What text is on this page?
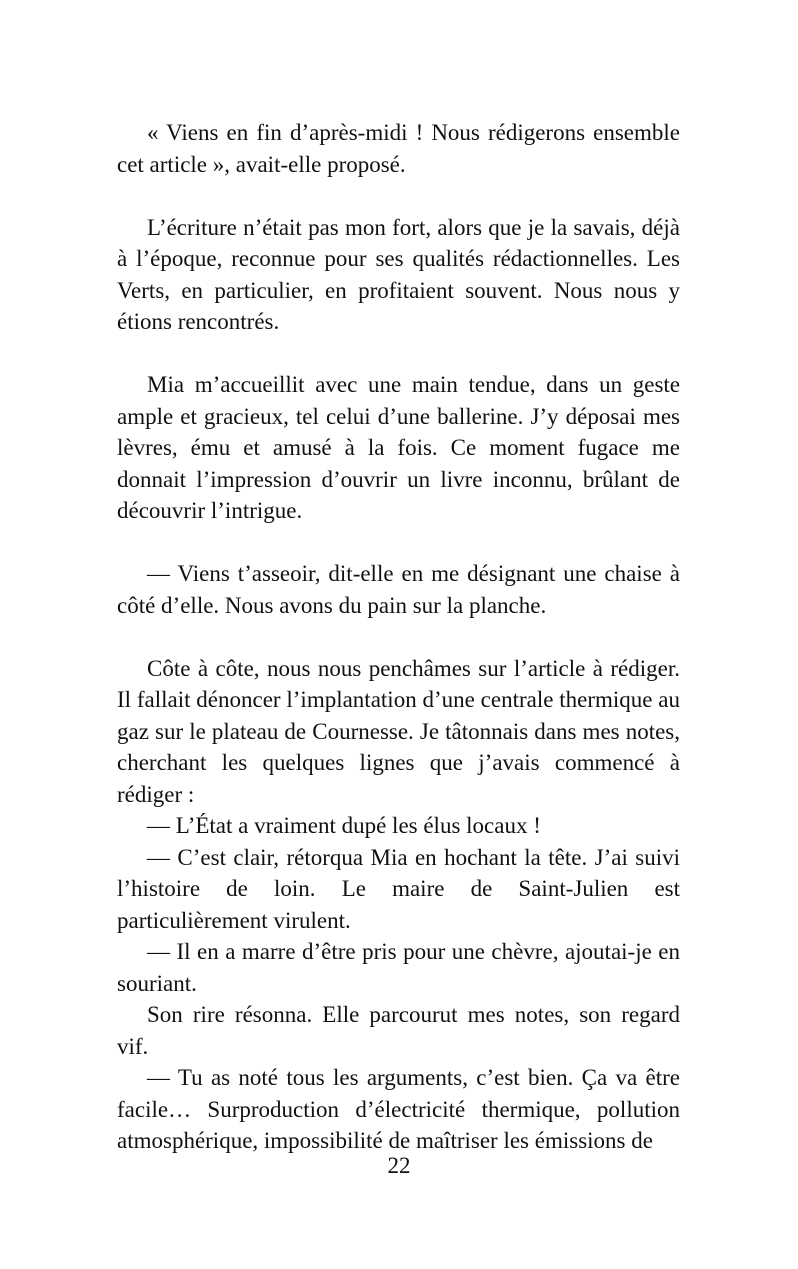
« Viens en fin d’après-midi ! Nous rédigerons ensemble cet article », avait-elle proposé.

L’écriture n’était pas mon fort, alors que je la savais, déjà à l’époque, reconnue pour ses qualités rédactionnelles. Les Verts, en particulier, en profitaient souvent. Nous nous y étions rencontrés.

Mia m’accueillit avec une main tendue, dans un geste ample et gracieux, tel celui d’une ballerine. J’y déposai mes lèvres, ému et amusé à la fois. Ce moment fugace me donnait l’impression d’ouvrir un livre inconnu, brûlant de découvrir l’intrigue.

— Viens t’asseoir, dit-elle en me désignant une chaise à côté d’elle. Nous avons du pain sur la planche.

Côte à côte, nous nous penchâmes sur l’article à rédiger. Il fallait dénoncer l’implantation d’une centrale thermique au gaz sur le plateau de Cournesse. Je tâtonnais dans mes notes, cherchant les quelques lignes que j’avais commencé à rédiger :

— L’État a vraiment dupé les élus locaux !

— C’est clair, rétorqua Mia en hochant la tête. J’ai suivi l’histoire de loin. Le maire de Saint-Julien est particulièrement virulent.

— Il en a marre d’être pris pour une chèvre, ajoutai-je en souriant.

Son rire résonna. Elle parcourut mes notes, son regard vif.

— Tu as noté tous les arguments, c’est bien. Ça va être facile… Surproduction d’électricité thermique, pollution atmosphérique, impossibilité de maîtriser les émissions de

22
